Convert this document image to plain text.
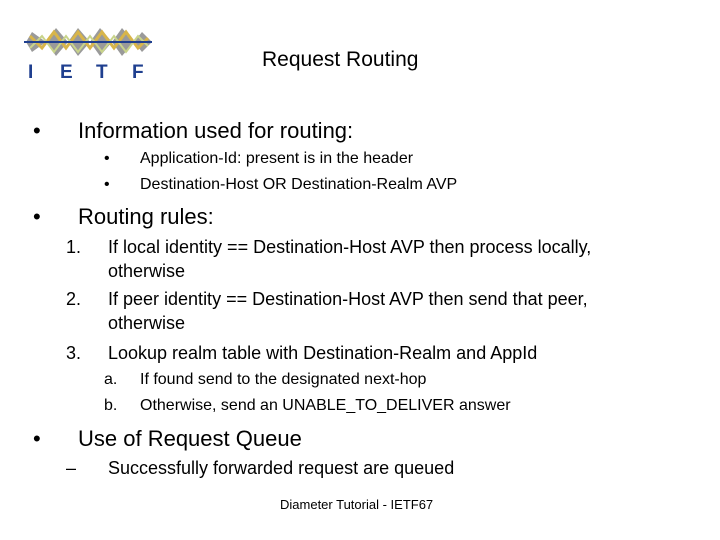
I E T F
Request Routing
• Information used for routing:
• Application-Id: present is in the header
• Destination-Host OR Destination-Realm AVP
• Routing rules:
1. If local identity == Destination-Host AVP then process locally,
otherwise
2. If peer identity == Destination-Host AVP then send that peer,
otherwise
3. Lookup realm table with Destination-Realm and AppId
a. If found send to the designated next-hop
b. Otherwise, send an UNABLE_TO_DELIVER answer
• Use of Request Queue
– Successfully forwarded request are queued
Diameter Tutorial - IETF67
